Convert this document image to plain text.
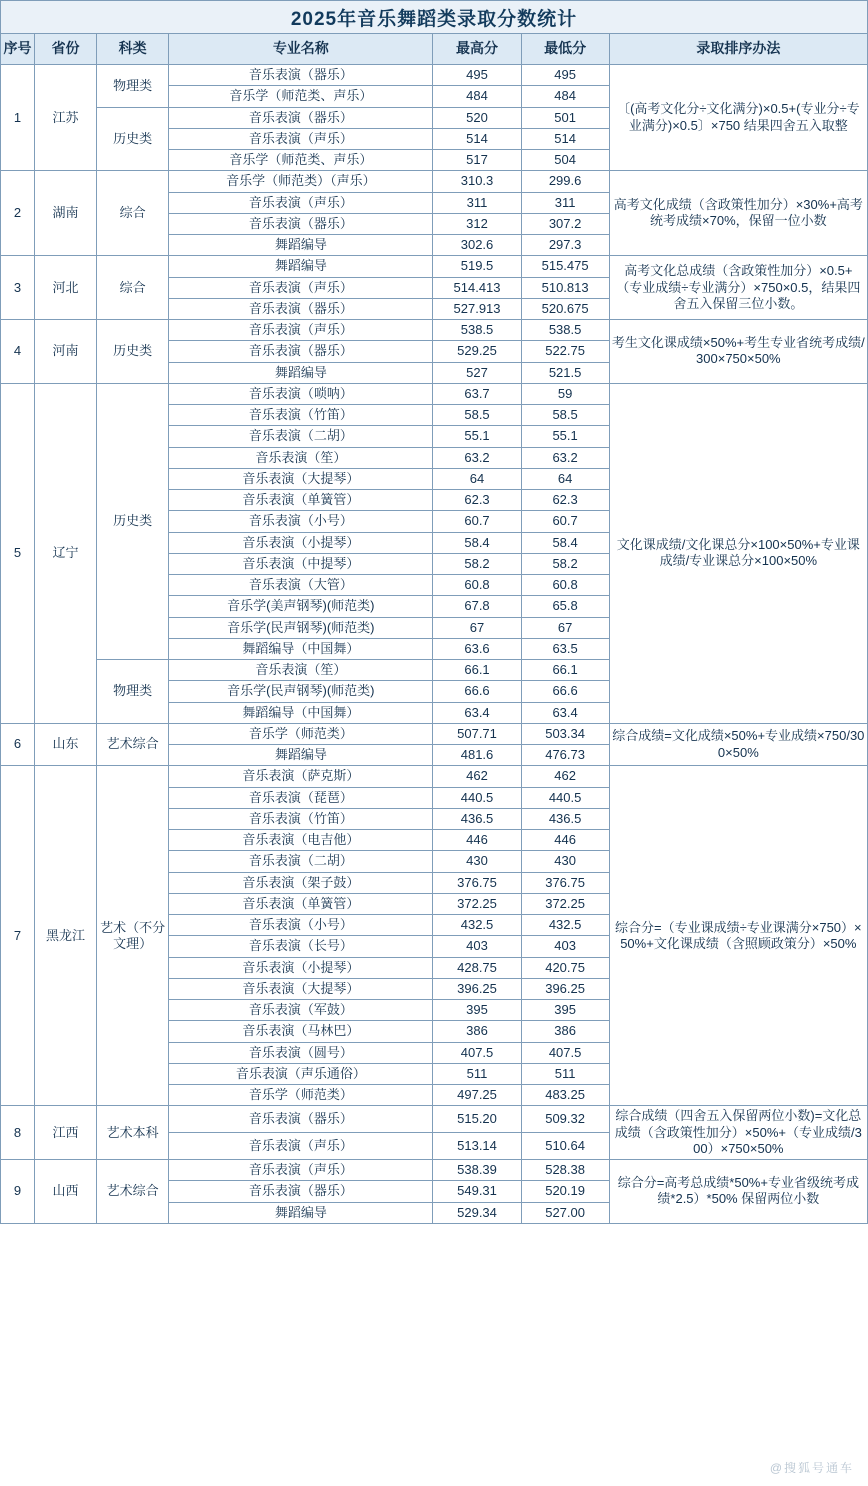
2025年音乐舞蹈类录取分数统计
序号	省份	科类	专业名称	最高分	最低分	录取排序办法
1	江苏	物理类	音乐表演（器乐）	495	495	〔(高考文化分÷文化满分)×0.5+(专业分÷专业满分)×0.5〕×750 结果四舍五入取整
			音乐学（师范类、声乐）	484	484	
		历史类	音乐表演（器乐）	520	501	
			音乐表演（声乐）	514	514	
			音乐学（师范类、声乐）	517	504	
2	湖南	综合	音乐学（师范类）（声乐）	310.3	299.6	高考文化成绩（含政策性加分）×30%+高考统考成绩×70%，保留一位小数
			音乐表演（声乐）	311	311	
			音乐表演（器乐）	312	307.2	
			舞蹈编导	302.6	297.3	
3	河北	综合	舞蹈编导	519.5	515.475	高考文化总成绩（含政策性加分）×0.5+（专业成绩÷专业满分）×750×0.5，结果四舍五入保留三位小数。
			音乐表演（声乐）	514.413	510.813	
			音乐表演（器乐）	527.913	520.675	
4	河南	历史类	音乐表演（声乐）	538.5	538.5	考生文化课成绩×50%+考生专业省统考成绩/300×750×50%
			音乐表演（器乐）	529.25	522.75	
			舞蹈编导	527	521.5	
5	辽宁	历史类	音乐表演（唢呐）	63.7	59	文化课成绩/文化课总分×100×50%+专业课成绩/专业课总分×100×50%
			音乐表演（竹笛）	58.5	58.5	
			音乐表演（二胡）	55.1	55.1	
			音乐表演（笙）	63.2	63.2	
			音乐表演（大提琴）	64	64	
			音乐表演（单簧管）	62.3	62.3	
			音乐表演（小号）	60.7	60.7	
			音乐表演（小提琴）	58.4	58.4	
			音乐表演（中提琴）	58.2	58.2	
			音乐表演（大管）	60.8	60.8	
			音乐学(美声钢琴)(师范类)	67.8	65.8	
			音乐学(民声钢琴)(师范类)	67	67	
			舞蹈编导（中国舞）	63.6	63.5	
		物理类	音乐表演（笙）	66.1	66.1	
			音乐学(民声钢琴)(师范类)	66.6	66.6	
			舞蹈编导（中国舞）	63.4	63.4	
6	山东	艺术综合	音乐学（师范类）	507.71	503.34	综合成绩=文化成绩×50%+专业成绩×750/300×50%
			舞蹈编导	481.6	476.73	
7	黑龙江	艺术（不分文理）	音乐表演（萨克斯）	462	462	综合分=（专业课成绩÷专业课满分×750）×50%+文化课成绩（含照顾政策分）×50%
			音乐表演（琵琶）	440.5	440.5	
			音乐表演（竹笛）	436.5	436.5	
			音乐表演（电吉他）	446	446	
			音乐表演（二胡）	430	430	
			音乐表演（架子鼓）	376.75	376.75	
			音乐表演（单簧管）	372.25	372.25	
			音乐表演（小号）	432.5	432.5	
			音乐表演（长号）	403	403	
			音乐表演（小提琴）	428.75	420.75	
			音乐表演（大提琴）	396.25	396.25	
			音乐表演（军鼓）	395	395	
			音乐表演（马林巴）	386	386	
			音乐表演（圆号）	407.5	407.5	
			音乐表演（声乐通俗）	511	511	
			音乐学（师范类）	497.25	483.25	
8	江西	艺术本科	音乐表演（器乐）	515.20	509.32	综合成绩（四舍五入保留两位小数)=文化总成绩（含政策性加分）×50%+（专业成绩/300）×750×50%
			音乐表演（声乐）	513.14	510.64	
9	山西	艺术综合	音乐表演（声乐）	538.39	528.38	综合分=高考总成绩*50%+专业省级统考成绩*2.5）*50% 保留两位小数
			音乐表演（器乐）	549.31	520.19	
			舞蹈编导	529.34	527.00	
@搜狐号通车
